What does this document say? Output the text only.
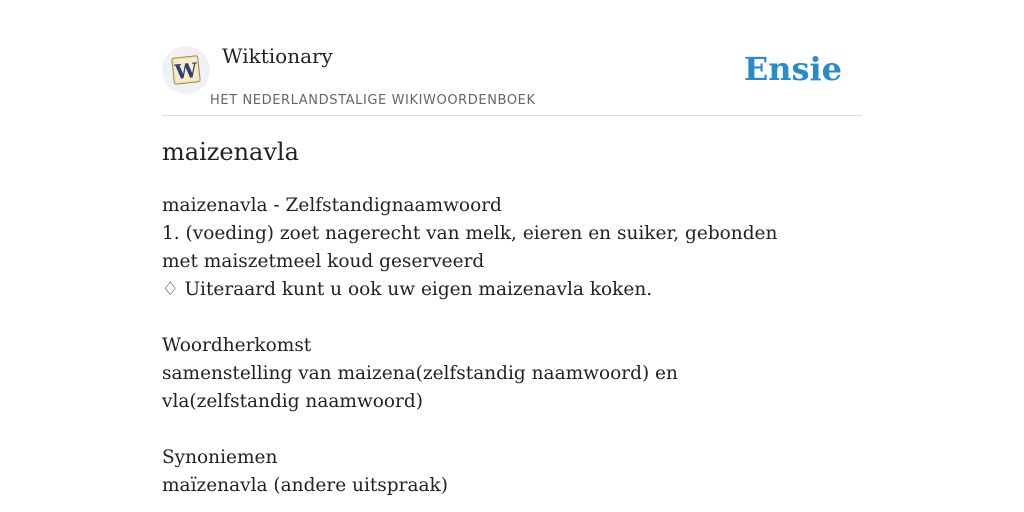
W
Wiktionary
HET NEDERLANDSTALIGE WIKIWOORDENBOEK
Ensie
maizenavla
maizenavla - Zelfstandignaamwoord
1. (voeding) zoet nagerecht van melk, eieren en suiker, gebonden met maiszetmeel koud geserveerd
♢ Uiteraard kunt u ook uw eigen maizenavla koken.
Woordherkomst
samenstelling van maizena(zelfstandig naamwoord) en vla(zelfstandig naamwoord)
Synoniemen
maïzenavla (andere uitspraak)
